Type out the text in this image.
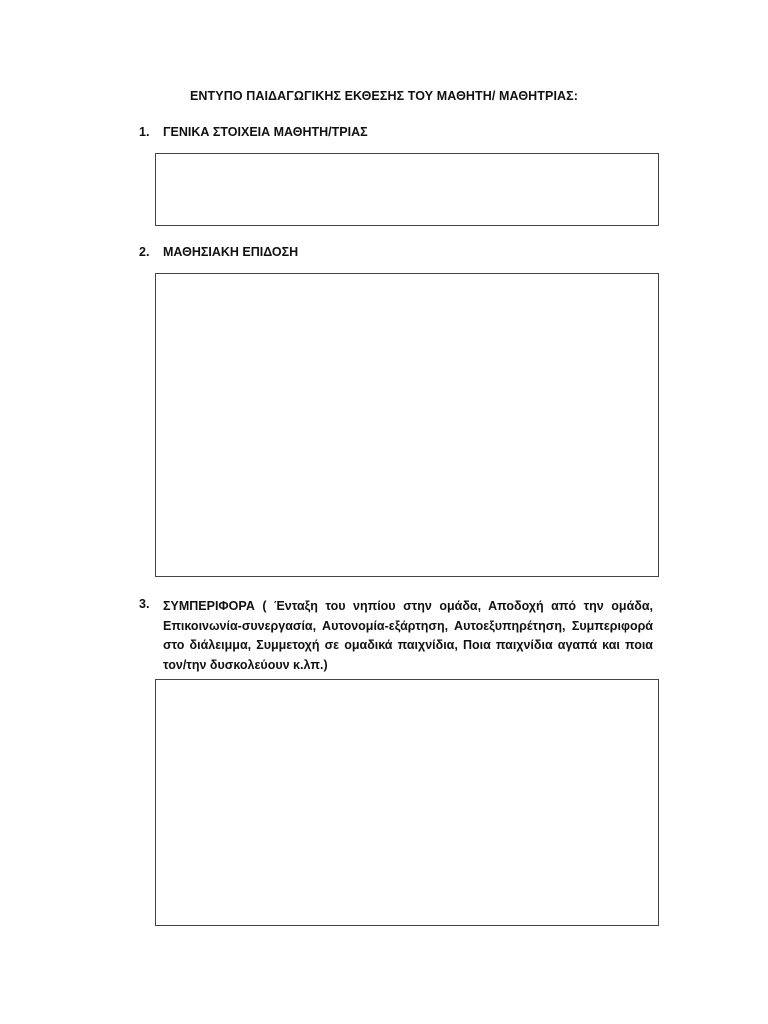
ΕΝΤΥΠΟ ΠΑΙΔΑΓΩΓΙΚΗΣ ΕΚΘΕΣΗΣ ΤΟΥ ΜΑΘΗΤΗ/ ΜΑΘΗΤΡΙΑΣ:
1.	ΓΕΝΙΚΑ ΣΤΟΙΧΕΙΑ ΜΑΘΗΤΗ/ΤΡΙΑΣ
2.	ΜΑΘΗΣΙΑΚΗ ΕΠΙΔΟΣΗ
3.	ΣΥΜΠΕΡΙΦΟΡΑ ( Ένταξη του νηπίου στην ομάδα, Αποδοχή από την ομάδα, Επικοινωνία-συνεργασία, Αυτονομία-εξάρτηση, Αυτοεξυπηρέτηση, Συμπεριφορά στο διάλειμμα, Συμμετοχή σε ομαδικά παιχνίδια, Ποια παιχνίδια αγαπά και ποια τον/την δυσκολεύουν κ.λπ.)
